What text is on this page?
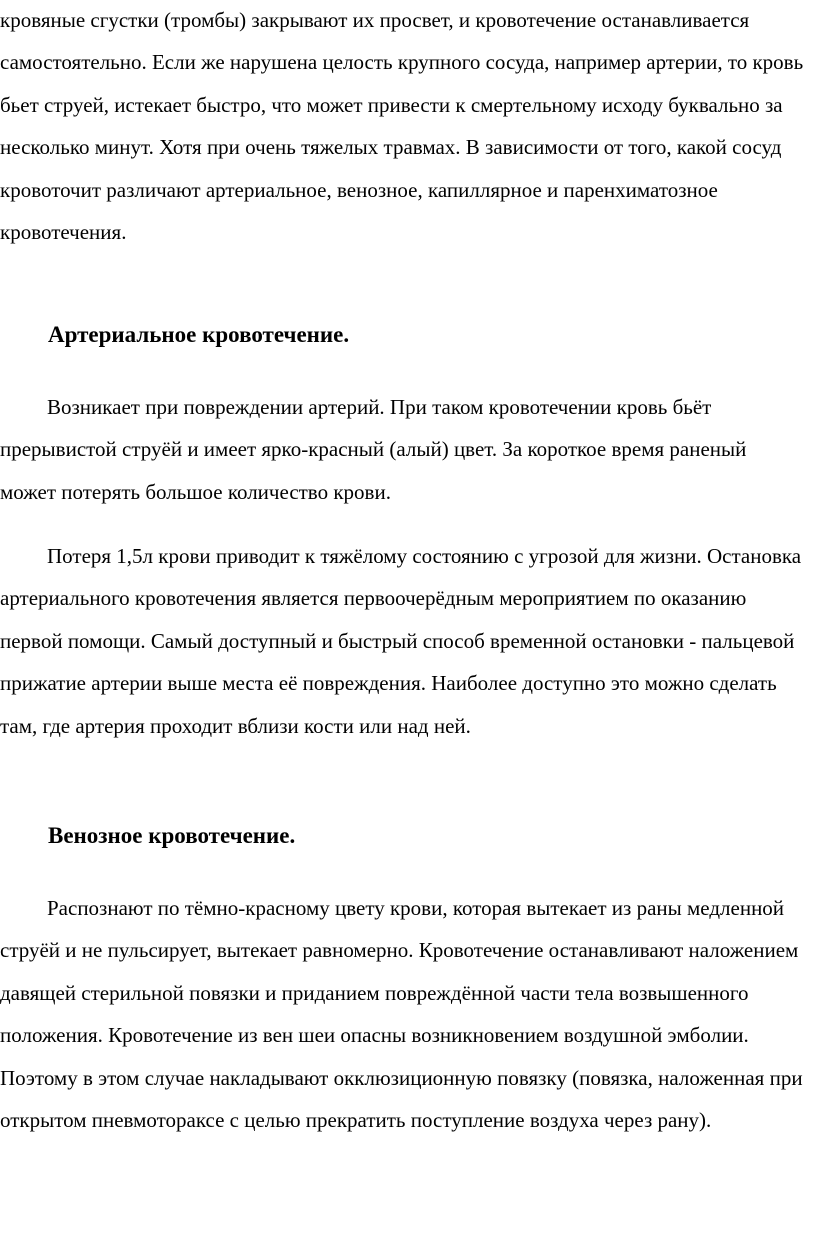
кровяные сгустки (тромбы) закрывают их просвет, и кровотечение останавливается самостоятельно. Если же нарушена целость крупного сосуда, например артерии, то кровь бьет струей, истекает быстро, что может привести к смертельному исходу буквально за несколько минут. Хотя при очень тяжелых травмах. В зависимости от того, какой сосуд кровоточит различают артериальное, венозное, капиллярное и паренхиматозное кровотечения.

Артериальное кровотечение.

Возникает при повреждении артерий. При таком кровотечении кровь бьёт прерывистой струёй и имеет ярко-красный (алый) цвет. За короткое время раненый может потерять большое количество крови.

Потеря 1,5л крови приводит к тяжёлому состоянию с угрозой для жизни. Остановка артериального кровотечения является первоочерёдным мероприятием по оказанию первой помощи. Самый доступный и быстрый способ временной остановки - пальцевой прижатие артерии выше места её повреждения. Наиболее доступно это можно сделать там, где артерия проходит вблизи кости или над ней.

Венозное кровотечение.

Распознают по тёмно-красному цвету крови, которая вытекает из раны медленной струёй и не пульсирует, вытекает равномерно. Кровотечение останавливают наложением давящей стерильной повязки и приданием повреждённой части тела возвышенного положения. Кровотечение из вен шеи опасны возникновением воздушной эмболии. Поэтому в этом случае накладывают окклюзиционную повязку (повязка, наложенная при открытом пневмотораксе с целью прекратить поступление воздуха через рану).
